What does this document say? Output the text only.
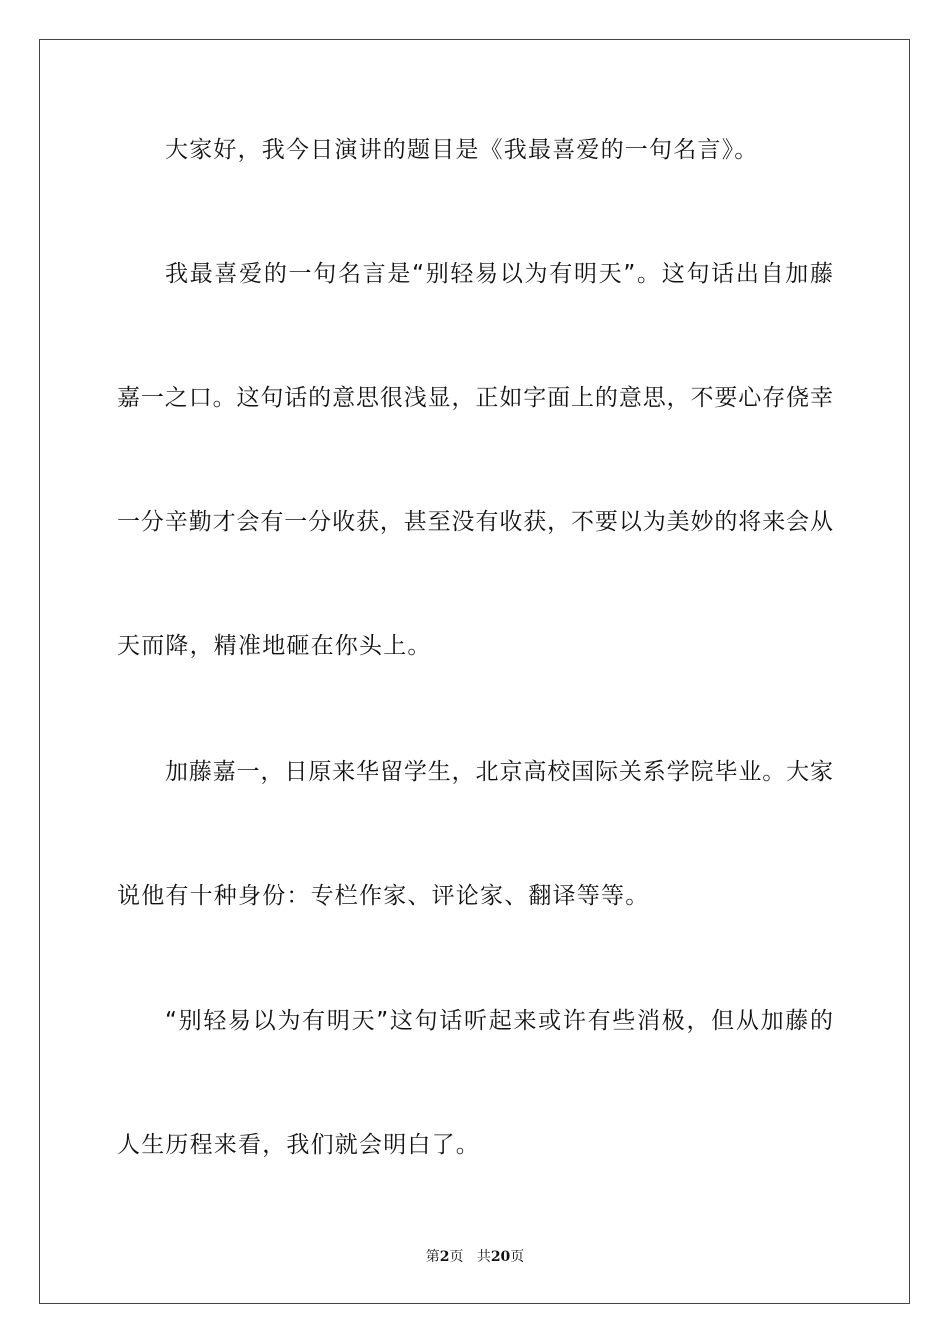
大家好，我今日演讲的题目是《我最喜爱的一句名言》。
我最喜爱的一句名言是“别轻易以为有明天”。这句话出自加藤
嘉一之口。这句话的意思很浅显，正如字面上的意思，不要心存侥幸
一分辛勤才会有一分收获，甚至没有收获，不要以为美妙的将来会从
天而降，精准地砸在你头上。
加藤嘉一，日原来华留学生，北京高校国际关系学院毕业。大家
说他有十种身份：专栏作家、评论家、翻译等等。
“别轻易以为有明天”这句话听起来或许有些消极，但从加藤的
人生历程来看，我们就会明白了。
第2页 共20页
